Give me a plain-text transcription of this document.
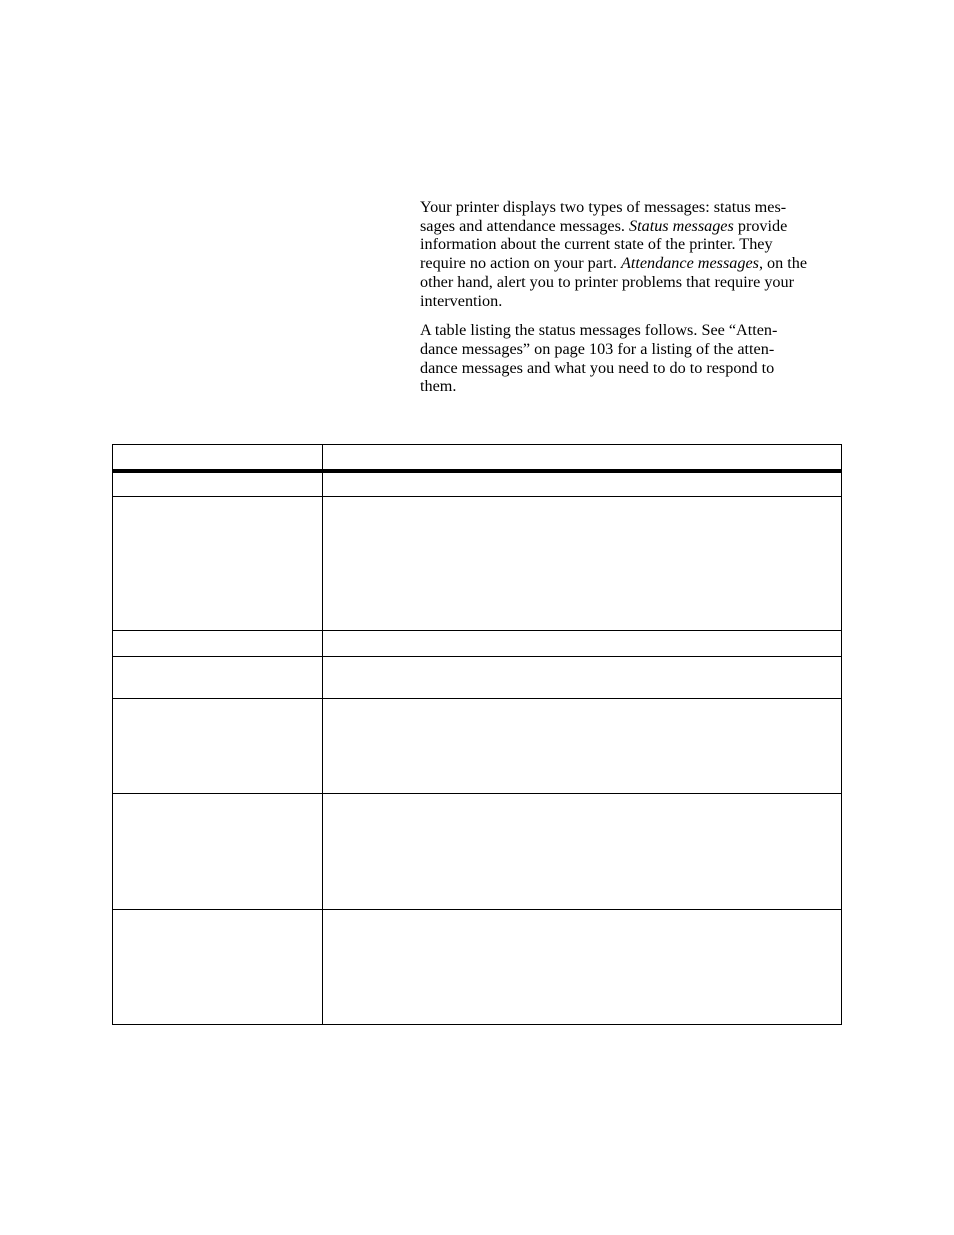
Your printer displays two types of messages: status mes-
sages and attendance messages. Status messages provide
information about the current state of the printer. They
require no action on your part. Attendance messages, on the
other hand, alert you to printer problems that require your
intervention.

A table listing the status messages follows. See “Atten-
dance messages” on page 103 for a listing of the atten-
dance messages and what you need to do to respond to
them.
